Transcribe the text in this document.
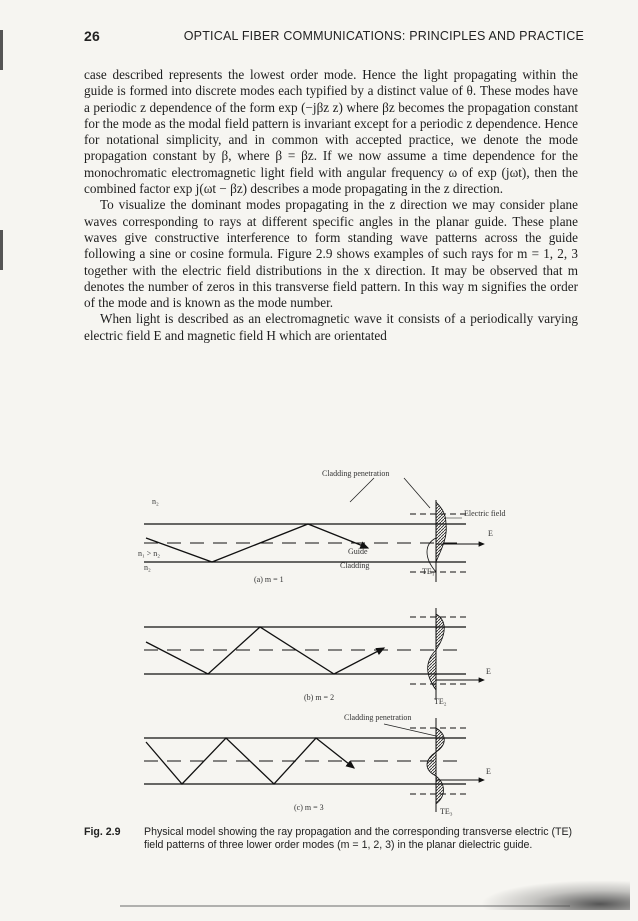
26	OPTICAL FIBER COMMUNICATIONS: PRINCIPLES AND PRACTICE

case described represents the lowest order mode. Hence the light propagating within the guide is formed into discrete modes each typified by a distinct value of θ. These modes have a periodic z dependence of the form exp (−jβz z) where βz becomes the propagation constant for the mode as the modal field pattern is invariant except for a periodic z dependence. Hence for notational simplicity, and in common with accepted practice, we denote the mode propagation constant by β, where β = βz. If we now assume a time dependence for the monochromatic electromagnetic light field with angular frequency ω of exp (jωt), then the combined factor exp j(ωt − βz) describes a mode propagating in the z direction.

To visualize the dominant modes propagating in the z direction we may consider plane waves corresponding to rays at different specific angles in the planar guide. These plane waves give constructive interference to form standing wave patterns across the guide following a sine or cosine formula. Figure 2.9 shows examples of such rays for m = 1, 2, 3 together with the electric field distributions in the x direction. It may be observed that m denotes the number of zeros in this transverse field pattern. In this way m signifies the order of the mode and is known as the mode number.

When light is described as an electromagnetic wave it consists of a periodically varying electric field E and magnetic field H which are orientated

Cladding penetration
n₂
n₁ > n₂
n₂
Guide
Cladding
Electric field
E
TE₁
(a) m = 1
E
(b) m = 2	TE₂
Cladding penetration
E
(c) m = 3	TE₃
Fig. 2.9 Physical model showing the ray propagation and the corresponding transverse electric (TE) field patterns of three lower order modes (m = 1, 2, 3) in the planar dielectric guide.
